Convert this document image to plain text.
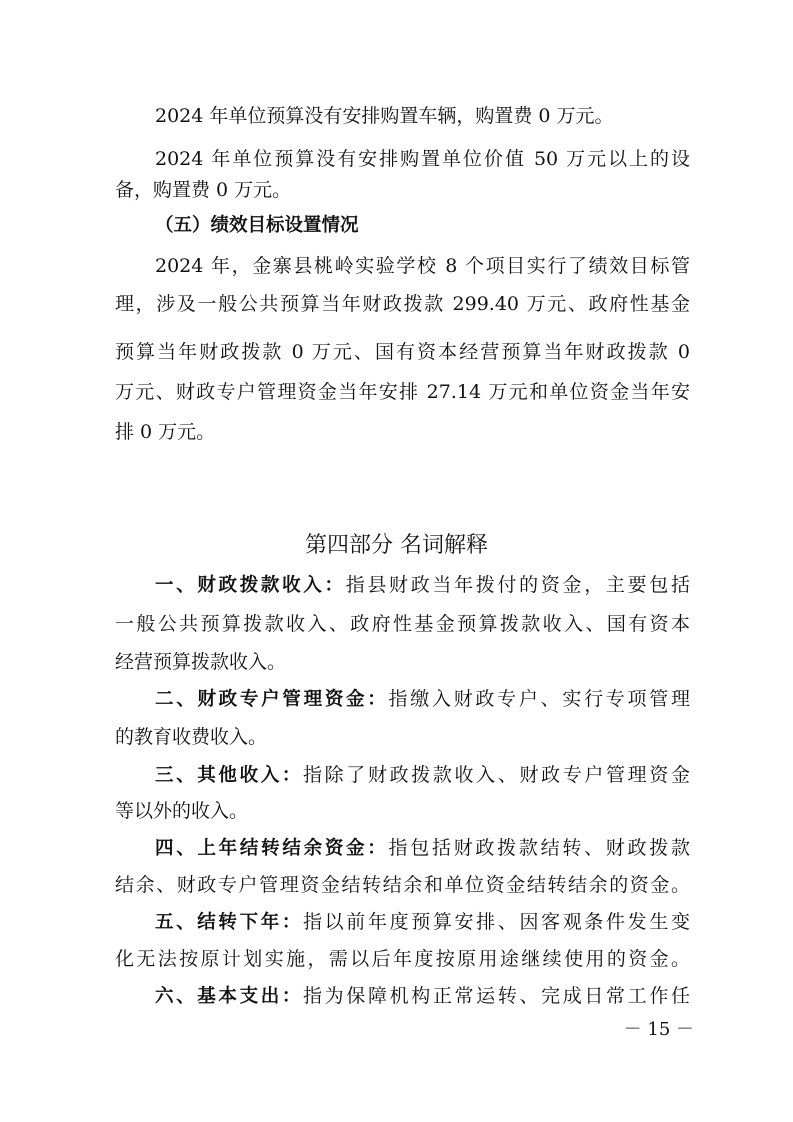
2024 年单位预算没有安排购置车辆，购置费 0 万元。
2024 年单位预算没有安排购置单位价值 50 万元以上的设
备，购置费 0 万元。
（五）绩效目标设置情况
2024 年，金寨县桃岭实验学校 8 个项目实行了绩效目标管
理，涉及一般公共预算当年财政拨款 299.40 万元、政府性基金
预算当年财政拨款 0 万元、国有资本经营预算当年财政拨款 0
万元、财政专户管理资金当年安排 27.14 万元和单位资金当年安
排 0 万元。
第四部分 名词解释
一、财政拨款收入：指县财政当年拨付的资金，主要包括
一般公共预算拨款收入、政府性基金预算拨款收入、国有资本
经营预算拨款收入。
二、财政专户管理资金：指缴入财政专户、实行专项管理
的教育收费收入。
三、其他收入：指除了财政拨款收入、财政专户管理资金
等以外的收入。
四、上年结转结余资金：指包括财政拨款结转、财政拨款
结余、财政专户管理资金结转结余和单位资金结转结余的资金。
五、结转下年：指以前年度预算安排、因客观条件发生变
化无法按原计划实施，需以后年度按原用途继续使用的资金。
六、基本支出：指为保障机构正常运转、完成日常工作任
－ 15 －
